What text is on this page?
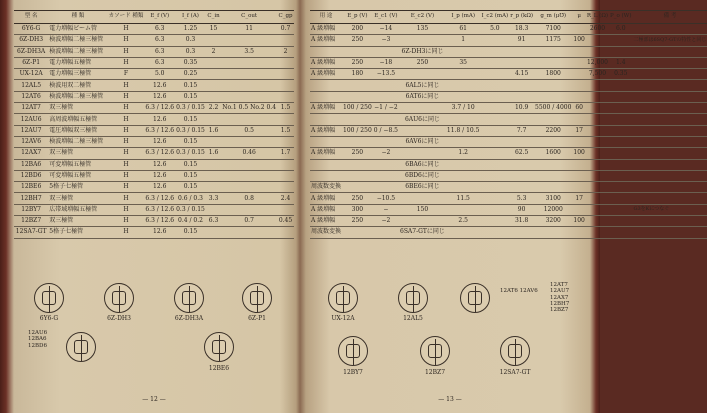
型 名	種 類	カソード 種類	E_f (V)	I_f (A)	C_in	C_out	C_gp
6Y6-G	電力増幅ビーム管	H	6.3	1.25	15	11	0.7
6Z-DH3	検波増幅二極三極管	H	6.3	0.3			
6Z-DH3A	検波増幅二極三極管	H	6.3	0.3	2	3.5	2
6Z-P1	電力増幅五極管	H	6.3	0.35			
UX-12A	電力増幅三極管	F	5.0	0.25			
12AL5	検波用双二極管	H	12.6	0.15			
12AT6	検波増幅二極三極管	H	12.6	0.15			
12AT7	双三極管	H	6.3 / 12.6	0.3 / 0.15	2.2	No.1 0.5 No.2 0.4	1.5
12AU6	高周波増幅五極管	H	12.6	0.15			
12AU7	電圧増幅双三極管	H	6.3 / 12.6	0.3 / 0.15	1.6	0.5	1.5
12AV6	検波増幅二極三極管	H	12.6	0.15			
12AX7	双三極管	H	6.3 / 12.6	0.3 / 0.15	1.6	0.46	1.7
12BA6	可変増幅五極管	H	12.6	0.15			
12BD6	可変増幅五極管	H	12.6	0.15			
12BE6	5格子七極管	H	12.6	0.15			
12BH7	双三極管	H	6.3 / 12.6	0.6 / 0.3	3.3	0.8	2.4
12BY7	広帯域増幅五極管	H	6.3 / 12.6	0.3 / 0.15			
12BZ7	双三極管	H	6.3 / 12.6	0.4 / 0.2	6.3	0.7	0.45
12SA7-GT	5格子七極管	H	12.6	0.15			
6Y6-G	6Z-DH3	6Z-DH3A	6Z-P1
12AU6
12BA6
12BD6
12BE6
— 12 —
用 途	E_p (V)	E_c1 (V)	E_c2 (V)	I_p (mA)	I_c2 (mA)	r_p (kΩ)	g_m (μ℧)	μ	R_L (Ω)	P_o (W)	備 考
A 級増幅	200	−14	135	61	5.0	18.3	7100		2600	6.0	
A 級増幅	250	−3		1		91	1175	100			二極部は6SQ7-GTの特性と同じ
			6Z-DH3に同じ								
A 級増幅	250	−18	250	35					12,000	1.4	
A 級増幅	180	−13.5				4.15	1800		7,500	0.35	
			6AL5に同じ								
			6AT6に同じ								
A 級増幅	100 / 250	−1 / −2		3.7 / 10		10.9	5500 / 4000	60			
			6AU6に同じ								
A 級増幅	100 / 250	0 / −8.5		11.8 / 10.5		7.7	2200	17			
			6AV6に同じ								
A 級増幅	250	−2		1.2		62.5	1600	100			
			6BA6に同じ								
			6BD6に同じ								
周波数変換			6BE6に同じ								
A 級増幅	250	−10.5		11.5		5.3	3100	17			
A 級増幅	300	−	150			90	12000				G3をKにつなぐ
A 級増幅	250	−2		2.5		31.8	3200	100			
周波数変換			6SA7-GTに同じ								
UX-12A	12AL5
12AT6 12AV6
12AT7 12AU7 12AX7 12BH7 12BZ7
12BY7	12BZ7	12SA7-GT
— 13 —
